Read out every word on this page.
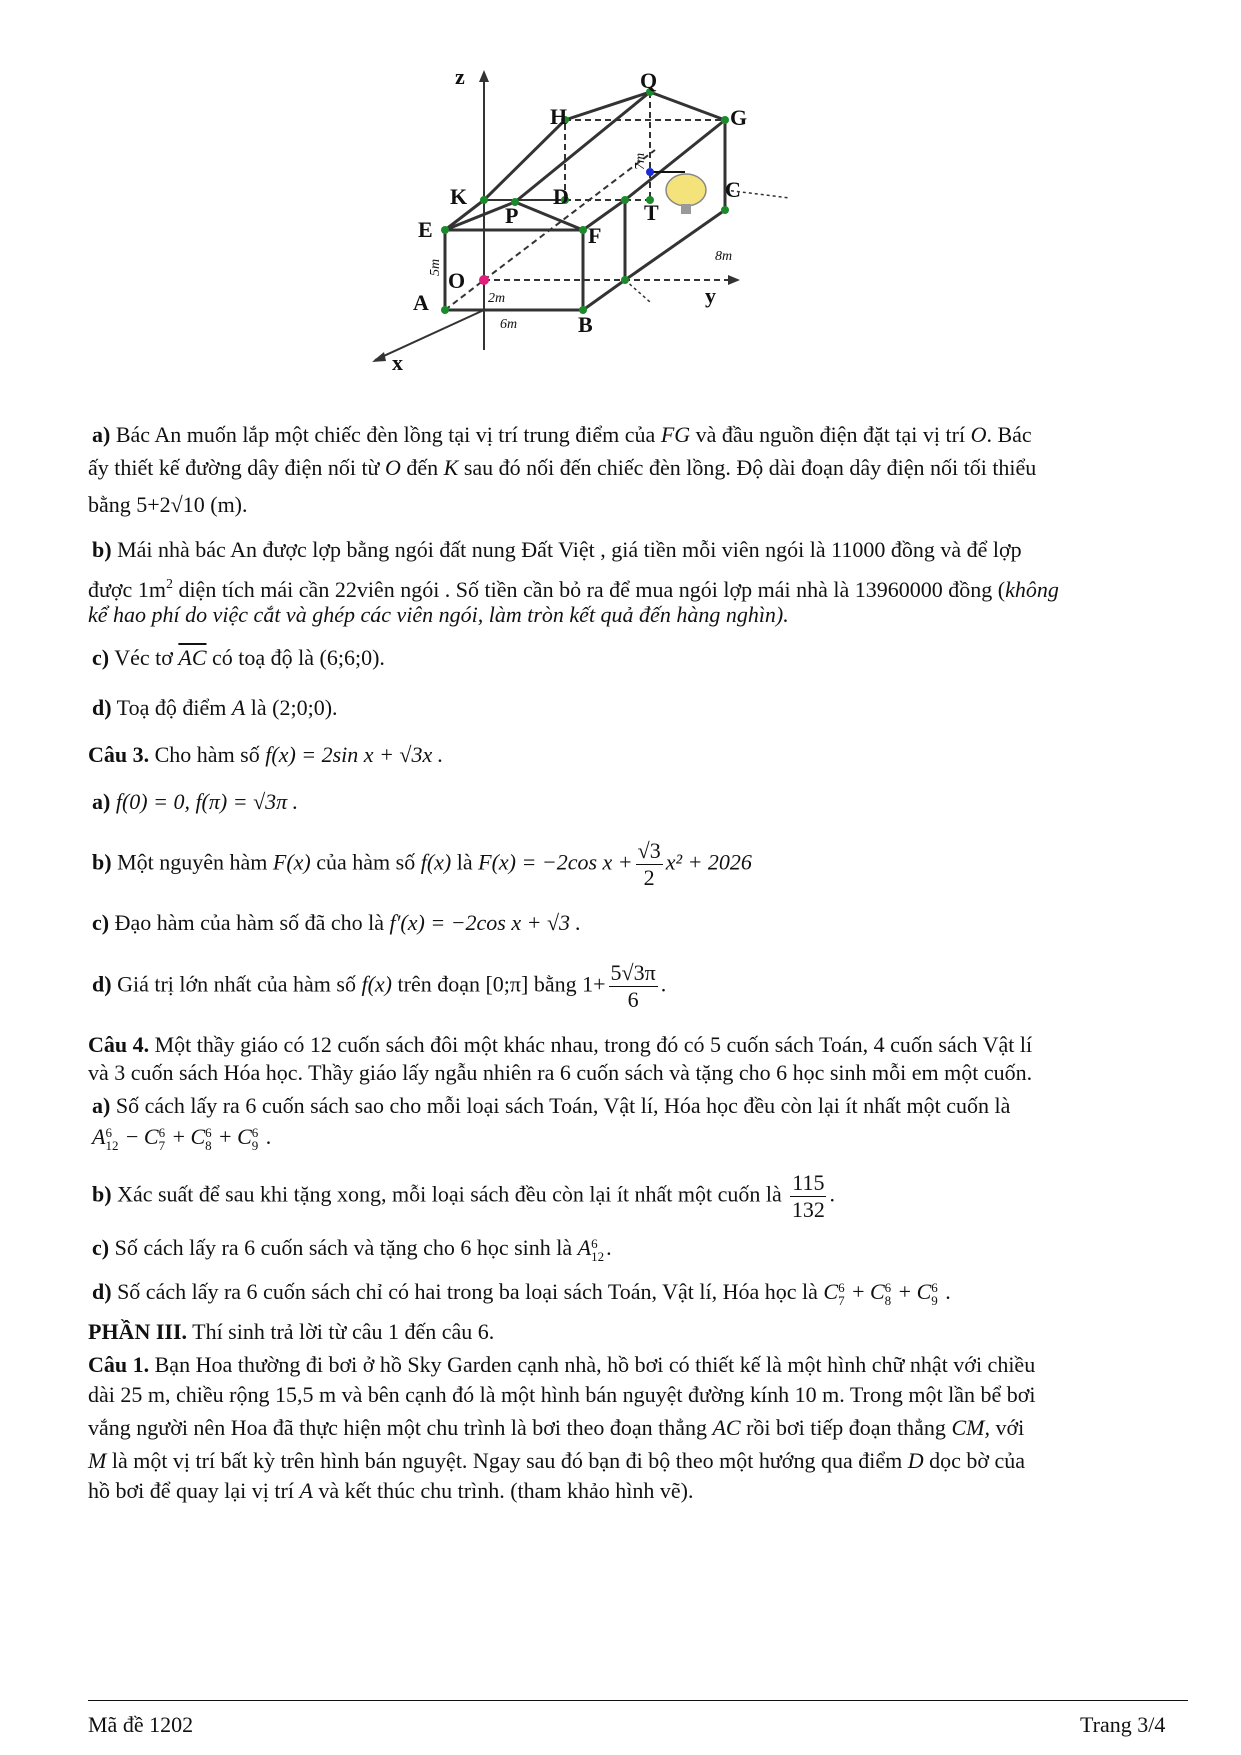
z	Q
H	G
K	D	C
P	T
E	F
O
A
B
x
y
7m
8m
5m
2m
6m
a) Bác An muốn lắp một chiếc đèn lồng tại vị trí trung điểm của FG và đầu nguồn điện đặt tại vị trí O. Bác
ấy thiết kế đường dây điện nối từ O đến K sau đó nối đến chiếc đèn lồng. Độ dài đoạn dây điện nối tối thiểu
bằng 5+2√10 (m).
b) Mái nhà bác An được lợp bằng ngói đất nung Đất Việt , giá tiền mỗi viên ngói là 11000 đồng và để lợp
được $1m^2$ diện tích mái cần 22viên ngói . Số tiền cần bỏ ra để mua ngói lợp mái nhà là 13960000 đồng (không
kể hao phí do việc cắt và ghép các viên ngói, làm tròn kết quả đến hàng nghìn).
c) Véc tơ $\overline{AC}$ có toạ độ là (6;6;0).
d) Toạ độ điểm A là (2;0;0).
Câu 3. Cho hàm số f(x) = 2sin x + √3x .
a) f(0) = 0, f(π) = √3π .
b) Một nguyên hàm F(x) của hàm số f(x) là F(x) = −2cos $x + \frac{√3}{2} x^2 + 2026$
c) Đạo hàm của hàm số đã cho là f′(x) = −2cos x + √3 .
d) Giá trị lớn nhất của hàm số f(x) trên đoạn [0;π] bằng $1+ \frac{5√3\pi}{6}$ .
Câu 4. Một thầy giáo có 12 cuốn sách đôi một khác nhau, trong đó có 5 cuốn sách Toán, 4 cuốn sách Vật lí
và 3 cuốn sách Hóa học. Thầy giáo lấy ngẫu nhiên ra 6 cuốn sách và tặng cho 6 học sinh mỗi em một cuốn.
a) Số cách lấy ra 6 cuốn sách sao cho mỗi loại sách Toán, Vật lí, Hóa học đều còn lại ít nhất một cuốn là
A 6
12 − C 6
7 + C 6
8 + C 6
9 .
b) Xác suất để sau khi tặng xong, mỗi loại sách đều còn lại ít nhất một cuốn là $\frac{115}{132}$ .
c) Số cách lấy ra 6 cuốn sách và tặng cho 6 học sinh là A 6
12 .
d) Số cách lấy ra 6 cuốn sách chỉ có hai trong ba loại sách Toán, Vật lí, Hóa học là C 6
7 + C 6
8 + C 6
9 .
PHẦN III. Thí sinh trả lời từ câu 1 đến câu 6.
Câu 1. Bạn Hoa thường đi bơi ở hồ Sky Garden cạnh nhà, hồ bơi có thiết kế là một hình chữ nhật với chiều
dài 25 m, chiều rộng 15,5 m và bên cạnh đó là một hình bán nguyệt đường kính 10 m. Trong một lần bể bơi
vắng người nên Hoa đã thực hiện một chu trình là bơi theo đoạn thẳng AC rồi bơi tiếp đoạn thẳng CM, với
M là một vị trí bất kỳ trên hình bán nguyệt. Ngay sau đó bạn đi bộ theo một hướng qua điểm D dọc bờ của
hồ bơi để quay lại vị trí A và kết thúc chu trình. (tham khảo hình vẽ).
Mã đề 1202	Trang 3/4
